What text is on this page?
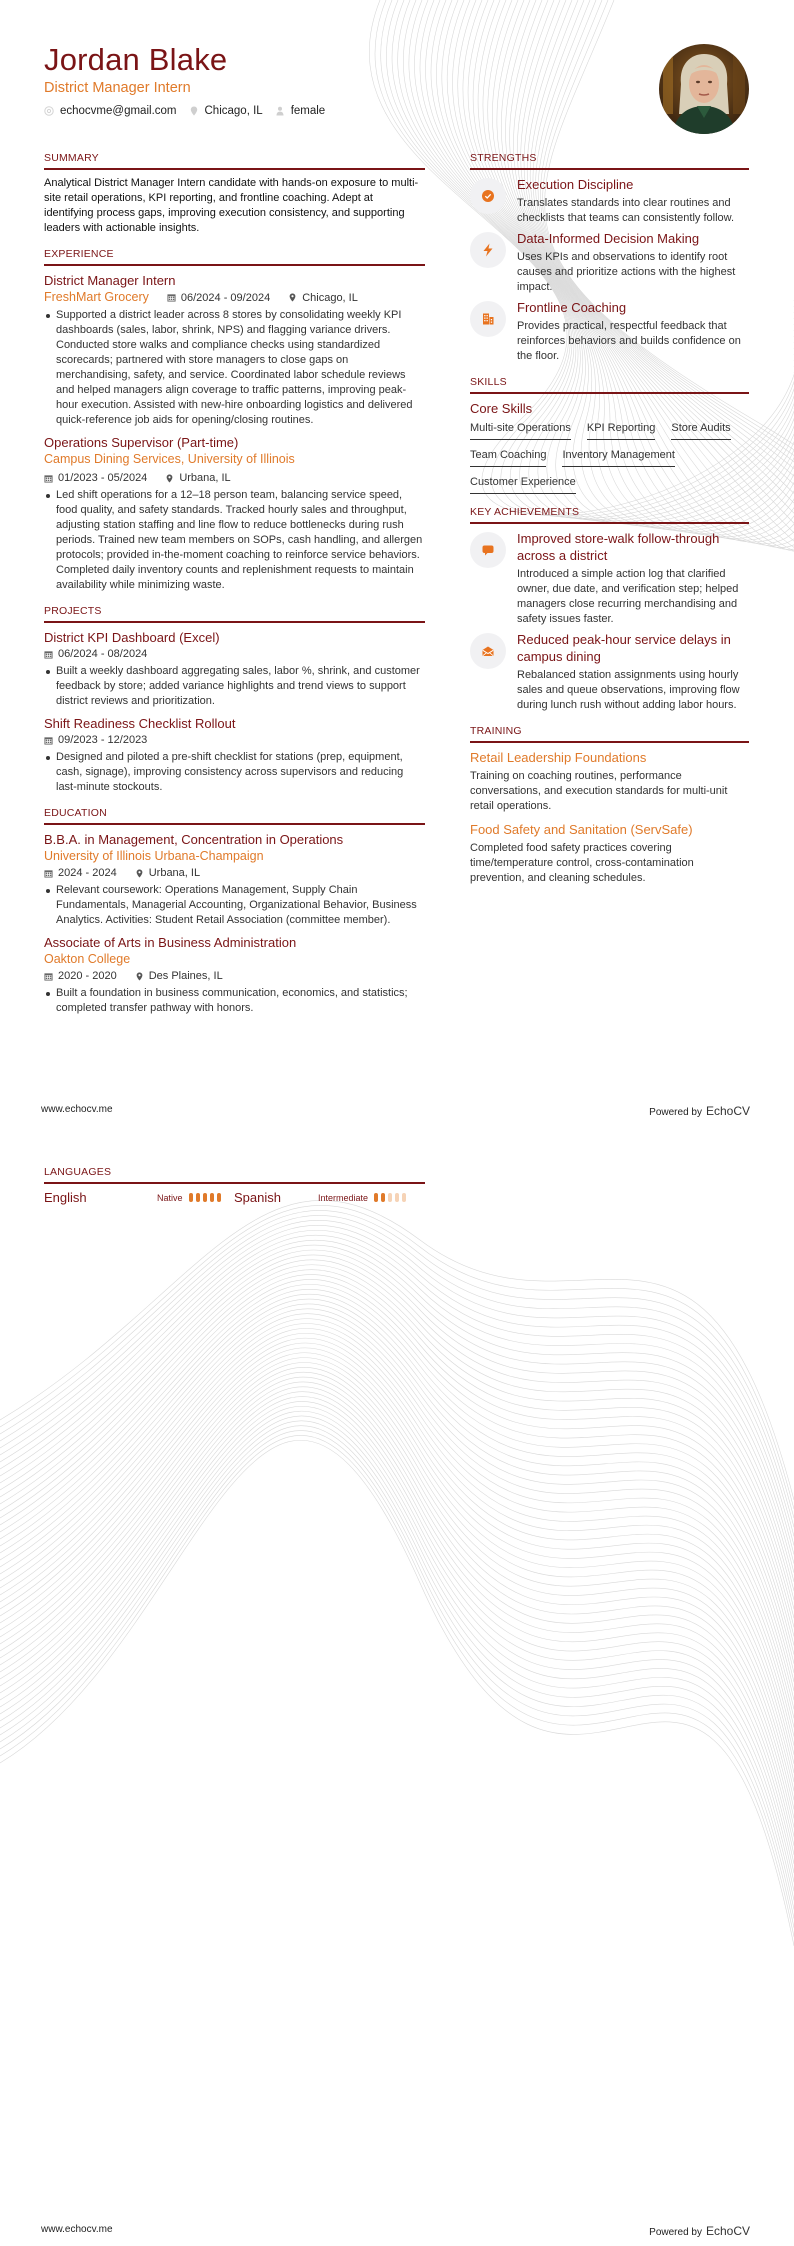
Jordan Blake
District Manager Intern
echocvme@gmail.com Chicago, IL female
SUMMARY
Analytical District Manager Intern candidate with hands-on exposure to multi-site retail operations, KPI reporting, and frontline coaching. Adept at identifying process gaps, improving execution consistency, and supporting leaders with actionable insights.
EXPERIENCE
District Manager Intern
FreshMart Grocery	06/2024 - 09/2024	Chicago, IL
Supported a district leader across 8 stores by consolidating weekly KPI dashboards (sales, labor, shrink, NPS) and flagging variance drivers. Conducted store walks and compliance checks using standardized scorecards; partnered with store managers to close gaps on merchandising, safety, and service. Coordinated labor schedule reviews and helped managers align coverage to traffic patterns, improving peak-hour execution. Assisted with new-hire onboarding logistics and delivered quick-reference job aids for opening/closing routines.
Operations Supervisor (Part-time)
Campus Dining Services, University of Illinois
01/2023 - 05/2024	Urbana, IL
Led shift operations for a 12–18 person team, balancing service speed, food quality, and safety standards. Tracked hourly sales and throughput, adjusting station staffing and line flow to reduce bottlenecks during rush periods. Trained new team members on SOPs, cash handling, and allergen protocols; provided in-the-moment coaching to reinforce service behaviors. Completed daily inventory counts and replenishment requests to maintain availability while minimizing waste.
PROJECTS
District KPI Dashboard (Excel)
06/2024 - 08/2024
Built a weekly dashboard aggregating sales, labor %, shrink, and customer feedback by store; added variance highlights and trend views to support district reviews and prioritization.
Shift Readiness Checklist Rollout
09/2023 - 12/2023
Designed and piloted a pre-shift checklist for stations (prep, equipment, cash, signage), improving consistency across supervisors and reducing last-minute stockouts.
EDUCATION
B.B.A. in Management, Concentration in Operations
University of Illinois Urbana-Champaign
2024 - 2024	Urbana, IL
Relevant coursework: Operations Management, Supply Chain Fundamentals, Managerial Accounting, Organizational Behavior, Business Analytics. Activities: Student Retail Association (committee member).
Associate of Arts in Business Administration
Oakton College
2020 - 2020	Des Plaines, IL
Built a foundation in business communication, economics, and statistics; completed transfer pathway with honors.
STRENGTHS
Execution Discipline
Translates standards into clear routines and checklists that teams can consistently follow.
Data-Informed Decision Making
Uses KPIs and observations to identify root causes and prioritize actions with the highest impact.
Frontline Coaching
Provides practical, respectful feedback that reinforces behaviors and builds confidence on the floor.
SKILLS
Core Skills
Multi-site Operations KPI Reporting Store Audits
Team Coaching Inventory Management
Customer Experience
KEY ACHIEVEMENTS
Improved store-walk follow-through across a district
Introduced a simple action log that clarified owner, due date, and verification step; helped managers close recurring merchandising and safety issues faster.
Reduced peak-hour service delays in campus dining
Rebalanced station assignments using hourly sales and queue observations, improving flow during lunch rush without adding labor hours.
TRAINING
Retail Leadership Foundations
Training on coaching routines, performance conversations, and execution standards for multi-unit retail operations.
Food Safety and Sanitation (ServSafe)
Completed food safety practices covering time/temperature control, cross-contamination prevention, and cleaning schedules.
www.echocv.me	Powered by EchoCV
LANGUAGES
English	Native	Spanish	Intermediate
www.echocv.me	Powered by EchoCV
